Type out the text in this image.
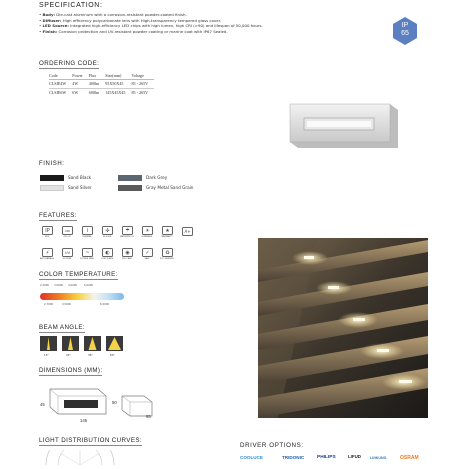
SPECIFICATION:
• Body: Die-cast aluminum with a corrosion-resistant powder-coated finish.
• Diffuser: High efficiency polycarbonate lens with High-transparency tempered glass cover.
• LED Source: Integrated high-efficiency LED chips with high lumen, high CRI (>90) and lifespan of 50,000 hours.
• Finish: Corrosion protection and UV-resistant powder coating or marine coat with IP67 Sealed.
IP
65
ORDERING CODE:
Code	Power	Flux	Size(mm)	Voltage
CLSIE4W	4W	400lm	95X50X45	85 - 265V
CLSIE6W	6W	600lm	145X45X45	85 - 265V
FINISH:
Sand Black
Sand Silver
Dark Grey
Gray Metal Sand Grain
FEATURES:
IP	CRI	⌇	✣	☂	☀	★	A+
IP65	CRI>90	THERMAL	50,000H	WATERPROOF	DIMMABLE	WARRANTY
⚡	UV	~	◐	◉	✓	♻
ANTI DAMAGE	UV FREE	FLICKER FREE	LOW GLARE	EYE CARE	SAFE	ECO FRIENDLY
COLOR TEMPERATURE:
2,200K 3,000K 4,000K	5,000K
2,700K	3,500K	6,500K
BEAM ANGLE:
15°	24°	36°	60°
DIMENSIONS (MM):
45
145
50
95
LIGHT DISTRIBUTION CURVES:
DRIVER OPTIONS:
COOLUCE	TRIDONIC	PHILIPS	LIFUD	LINKUNG	OSRAM
